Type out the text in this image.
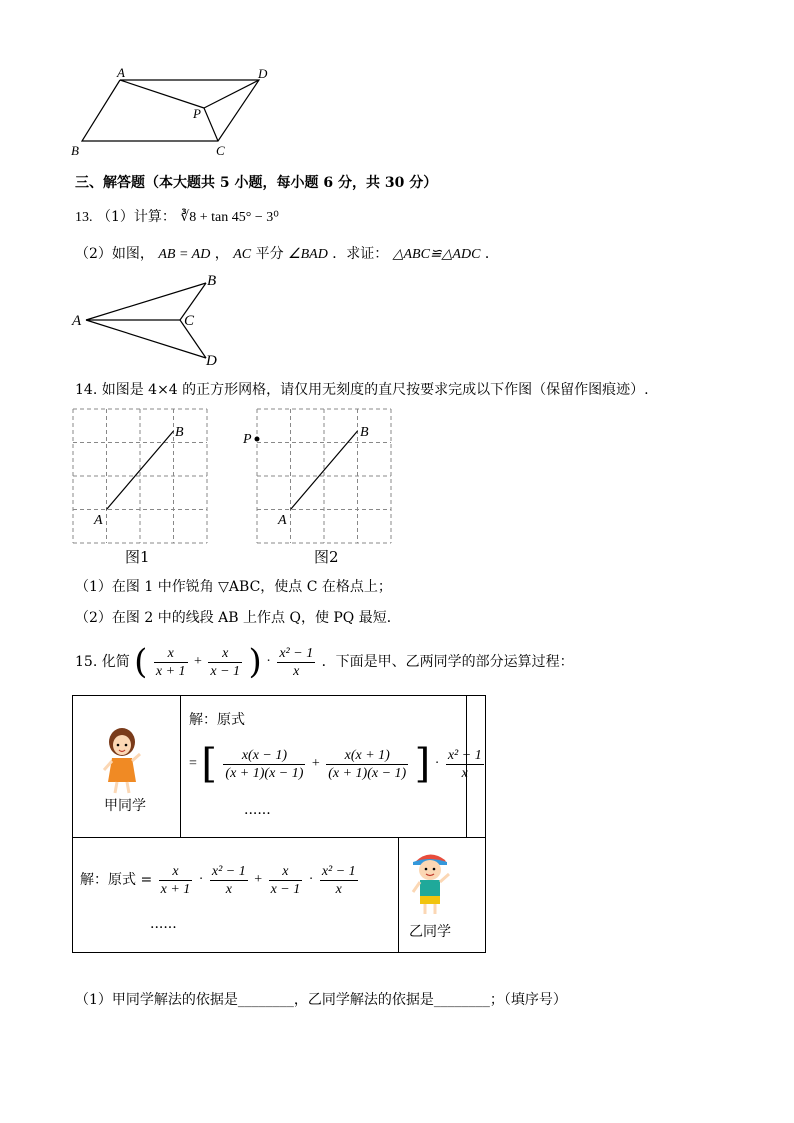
A	D
P
B	C
三、解答题（本大题共 5 小题，每小题 6 分，共 30 分）
13. （1）计算： ∛8 + tan 45° − 3⁰
（2）如图， AB = AD ， AC 平分 ∠BAD ．求证： △ABC≌△ADC ．
A
B
C
D
14. 如图是 4×4 的正方形网格，请仅用无刻度的直尺按要求完成以下作图（保留作图痕迹）.
A
B
图1
P
A
B
图2
（1）在图 1 中作锐角 ▽ABC，使点 C 在格点上；
（2）在图 2 中的线段 AB 上作点 Q，使 PQ 最短．
15. 化简 ( $\frac{x}{x + 1} + \frac{x}{x - 1}$ ) · $\frac{\text{x² − 1}}{x}$ ．下面是甲、乙两同学的部分运算过程：
甲同学
解：原式
= [ $\frac{x(x - 1)}{(x + 1)(x - 1)} + \frac{x(x + 1)}{(x + 1)(x - 1)}$ ] · $\frac{\text{x² − 1}}{x}$
......
解：原式 = $\frac{x}{x + 1} \cdot \frac{\text{x² − 1}}{x} + \frac{x}{x - 1} \cdot \frac{\text{x² − 1}}{x}$
......	乙同学
（1）甲同学解法的依据是________，乙同学解法的依据是________；（填序号）
